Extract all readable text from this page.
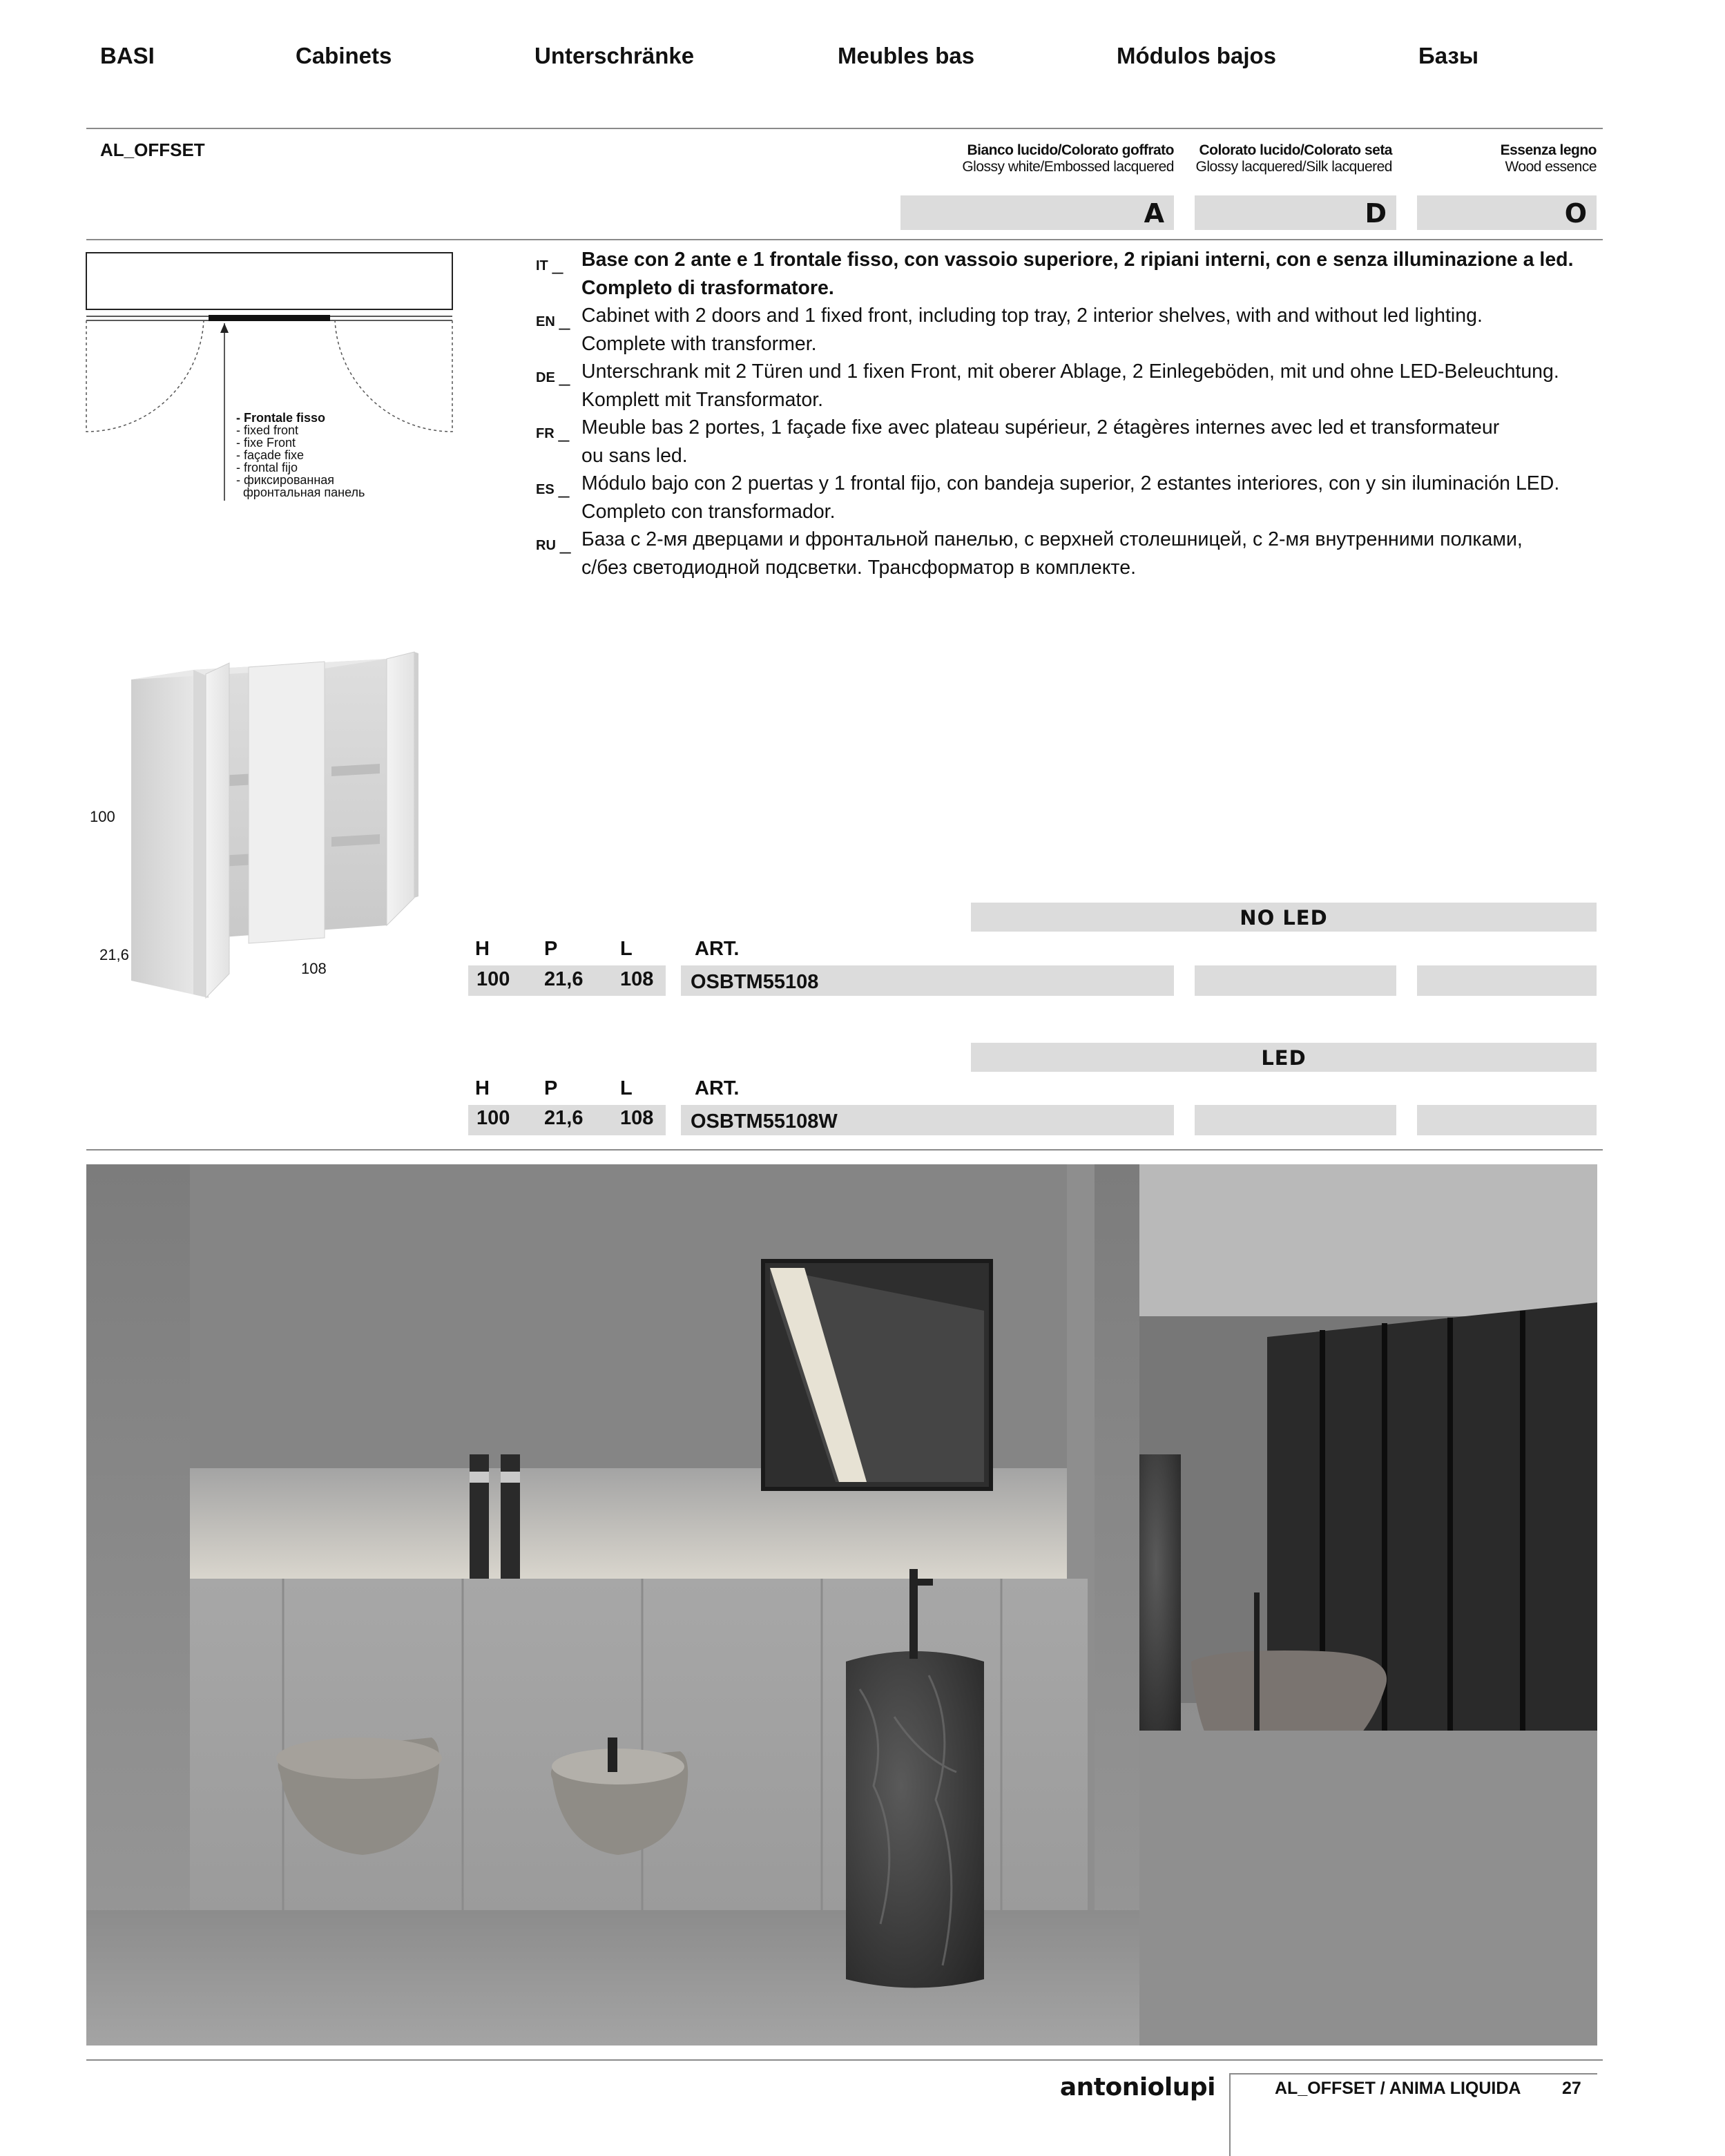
BASI	Cabinets	Unterschränke	Meubles bas	Módulos bajos	Базы
AL_OFFSET	Bianco lucido/Colorato goffrato
Glossy white/Embossed lacquered
Colorato lucido/Colorato seta
Glossy lacquered/Silk lacquered
Essenza legno
Wood essence
A	D	O
- Frontale fisso
- fixed front
- fixe Front
- façade fixe
- frontal fijo
- фиксированная
фронтальная панель
IT _ Base con 2 ante e 1 frontale fisso, con vassoio superiore, 2 ripiani interni, con e senza illuminazione a led.
Completo di trasformatore.
EN _ Cabinet with 2 doors and 1 fixed front, including top tray, 2 interior shelves, with and without led lighting.
Complete with transformer.
DE _ Unterschrank mit 2 Türen und 1 fixen Front, mit oberer Ablage, 2 Einlegeböden, mit und ohne LED-Beleuchtung.
Komplett mit Transformator.
FR _ Meuble bas 2 portes, 1 façade fixe avec plateau supérieur, 2 étagères internes avec led et transformateur
ou sans led.
ES _ Módulo bajo con 2 puertas y 1 frontal fijo, con bandeja superior, 2 estantes interiores, con y sin iluminación LED.
Completo con transformador.
RU _ База с 2-мя дверцами и фронтальной панелью, с верхней столешницей, с 2-мя внутренними полками,
с/без светодиодной подсветки. Трансформатор в комплекте.
100
21,6
108
NO LED
H	P	L	ART.
100 21,6 108	OSBTM55108
LED
H	P	L	ART.
100 21,6 108	OSBTM55108W
antoniolupi	AL_OFFSET / ANIMA LIQUIDA 27
